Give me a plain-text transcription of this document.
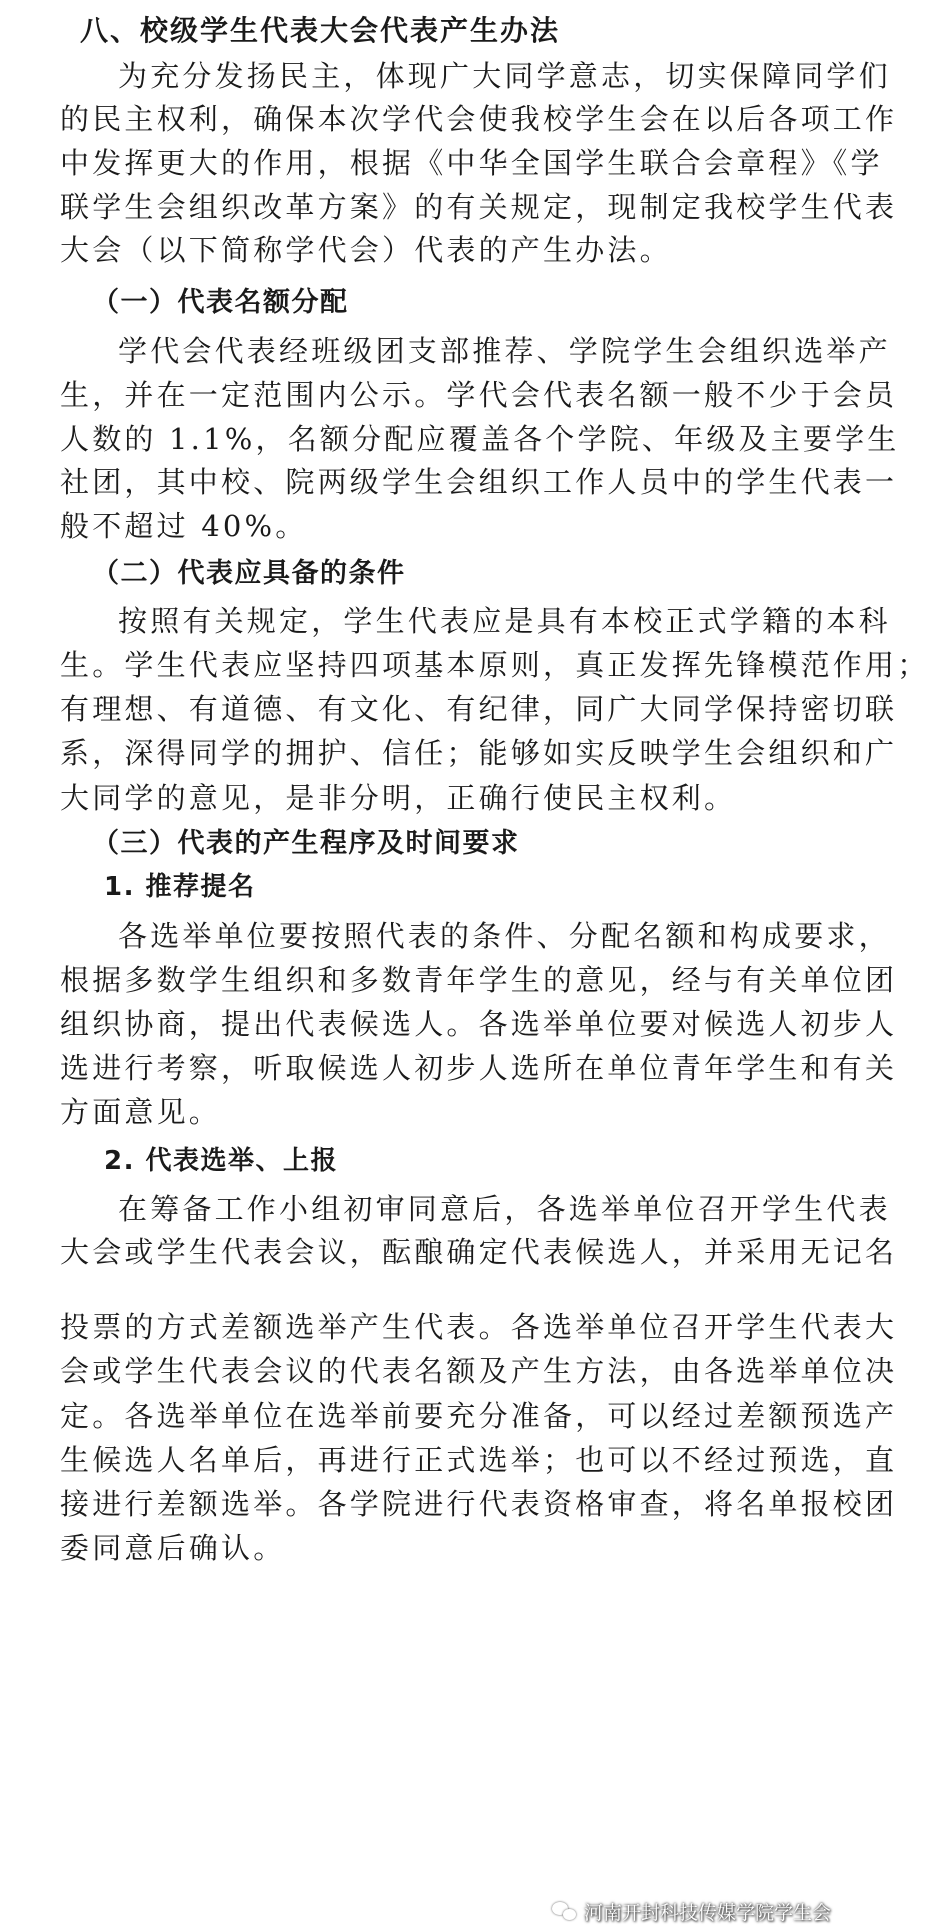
八、校级学生代表大会代表产生办法
为充分发扬民主，体现广大同学意志，切实保障同学们
的民主权利，确保本次学代会使我校学生会在以后各项工作
中发挥更大的作用，根据《中华全国学生联合会章程》《学
联学生会组织改革方案》的有关规定，现制定我校学生代表
大会（以下简称学代会）代表的产生办法。
（一）代表名额分配
学代会代表经班级团支部推荐、学院学生会组织选举产
生，并在一定范围内公示。学代会代表名额一般不少于会员
人数的 1.1%，名额分配应覆盖各个学院、年级及主要学生
社团，其中校、院两级学生会组织工作人员中的学生代表一
般不超过 40%。
（二）代表应具备的条件
按照有关规定，学生代表应是具有本校正式学籍的本科
生。学生代表应坚持四项基本原则，真正发挥先锋模范作用；
有理想、有道德、有文化、有纪律，同广大同学保持密切联
系，深得同学的拥护、信任；能够如实反映学生会组织和广
大同学的意见，是非分明，正确行使民主权利。
（三）代表的产生程序及时间要求
1. 推荐提名
各选举单位要按照代表的条件、分配名额和构成要求，
根据多数学生组织和多数青年学生的意见，经与有关单位团
组织协商，提出代表候选人。各选举单位要对候选人初步人
选进行考察，听取候选人初步人选所在单位青年学生和有关
方面意见。
2. 代表选举、上报
在筹备工作小组初审同意后，各选举单位召开学生代表
大会或学生代表会议，酝酿确定代表候选人，并采用无记名
投票的方式差额选举产生代表。各选举单位召开学生代表大
会或学生代表会议的代表名额及产生方法，由各选举单位决
定。各选举单位在选举前要充分准备，可以经过差额预选产
生候选人名单后，再进行正式选举；也可以不经过预选，直
接进行差额选举。各学院进行代表资格审查，将名单报校团
委同意后确认。
河南开封科技传媒学院学生会
